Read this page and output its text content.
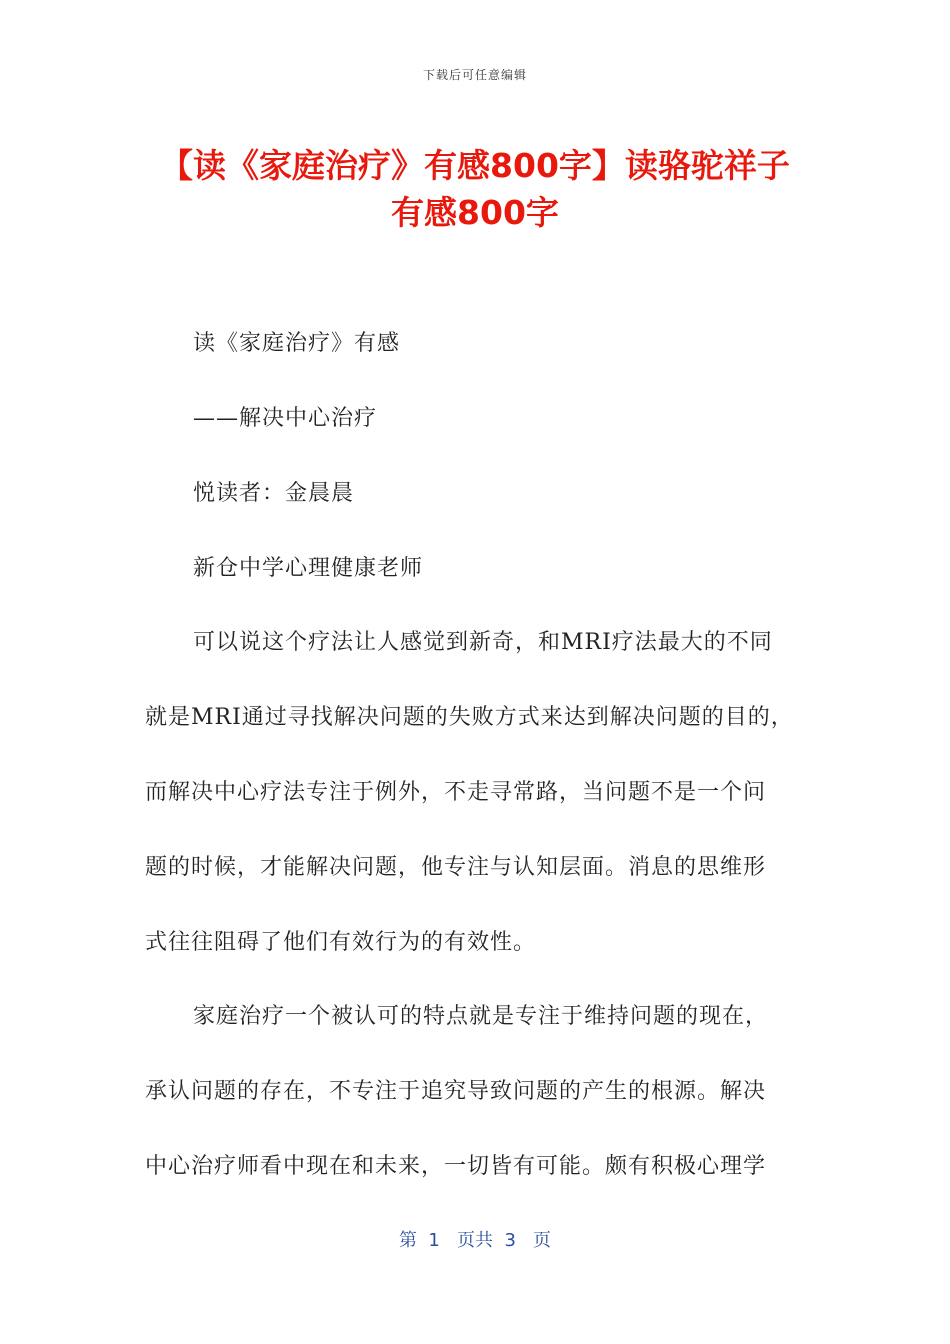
下载后可任意编辑
【读《家庭治疗》有感800字】读骆驼祥子
有感800字
读《家庭治疗》有感
——解决中心治疗
悦读者：金晨晨
新仓中学心理健康老师
可以说这个疗法让人感觉到新奇，和MRI疗法最大的不同
就是MRI通过寻找解决问题的失败方式来达到解决问题的目的，
而解决中心疗法专注于例外，不走寻常路，当问题不是一个问
题的时候，才能解决问题，他专注与认知层面。消息的思维形
式往往阻碍了他们有效行为的有效性。
家庭治疗一个被认可的特点就是专注于维持问题的现在，
承认问题的存在，不专注于追究导致问题的产生的根源。解决
中心治疗师看中现在和未来，一切皆有可能。颇有积极心理学
第  1   页共  3   页
